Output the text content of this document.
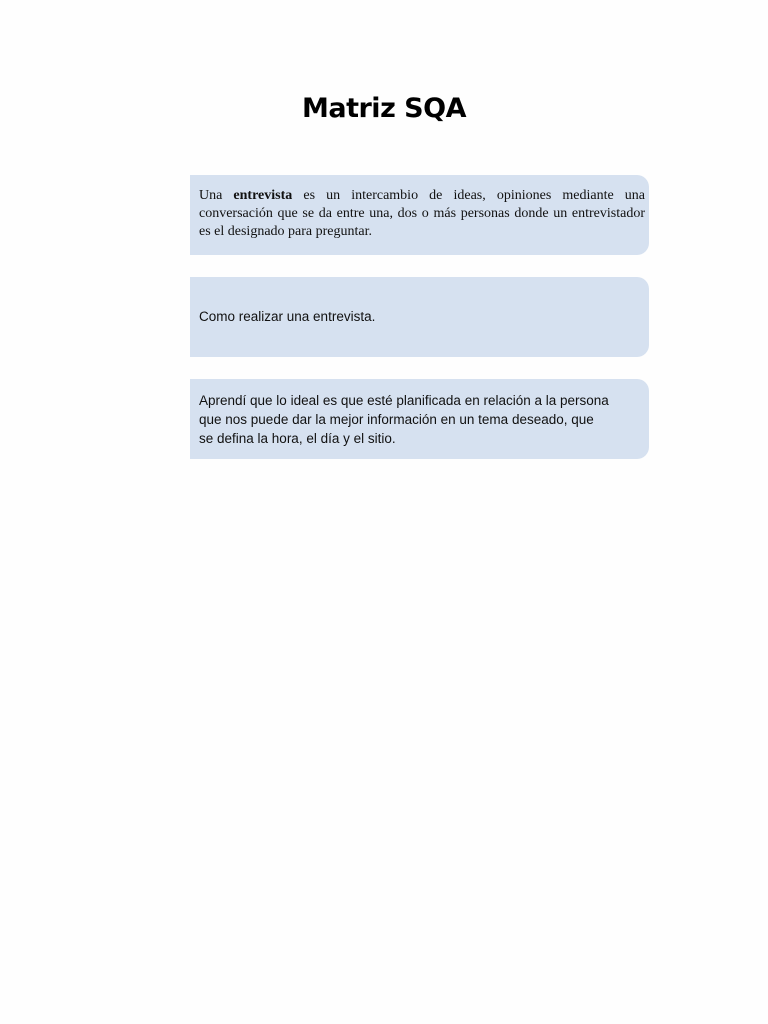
Matriz SQA
Una entrevista es un intercambio de ideas, opiniones mediante una conversación que se da entre una, dos o más personas donde un entrevistador es el designado para preguntar.
Como realizar una entrevista.
Aprendí que lo ideal es que esté planificada en relación a la persona que nos puede dar la mejor información en un tema deseado, que se defina la hora, el día y el sitio.
